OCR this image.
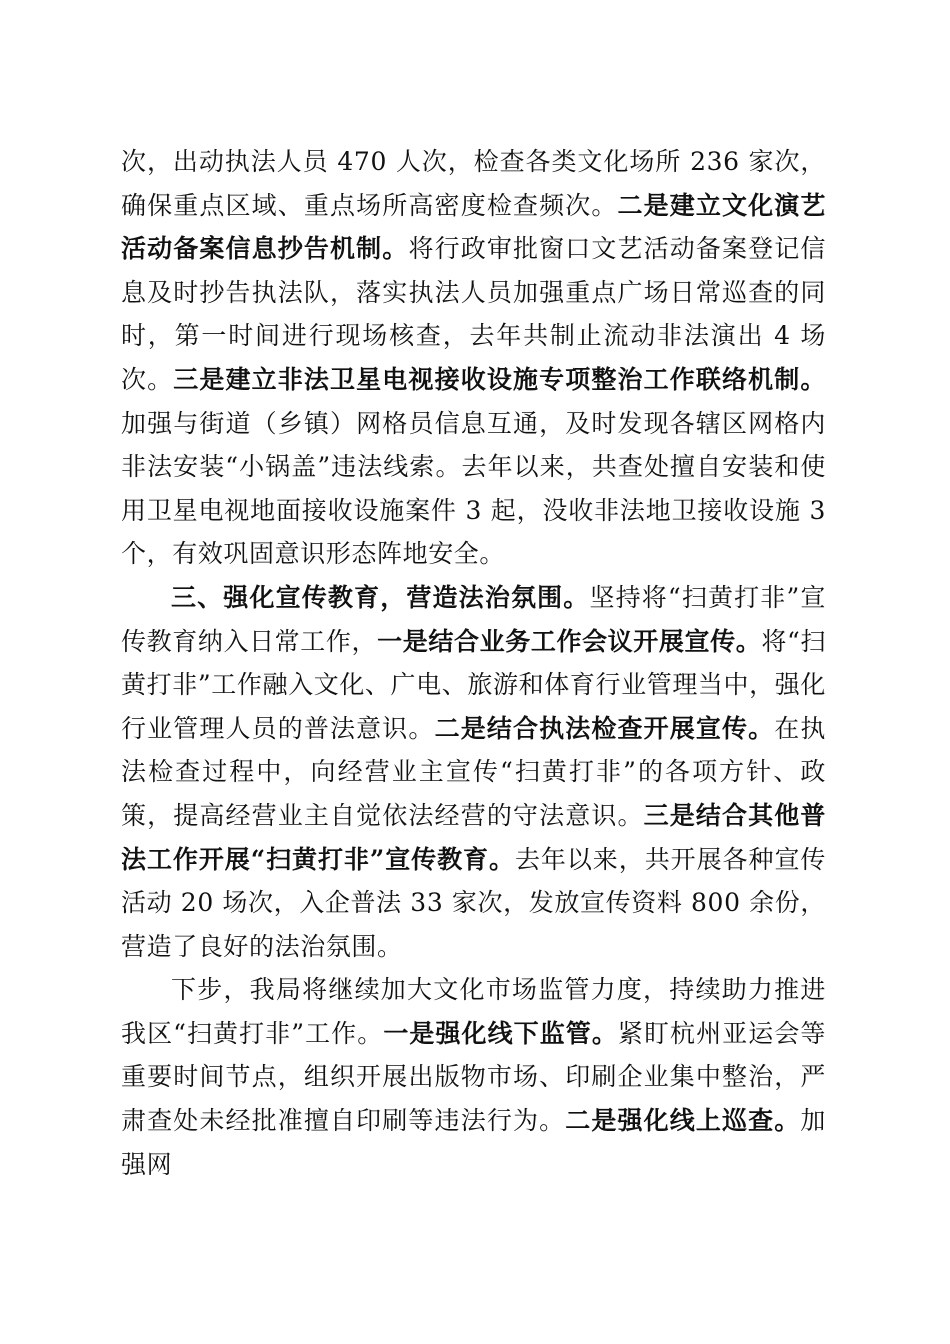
次，出动执法人员 470 人次，检查各类文化场所 236 家次，确保重点区域、重点场所高密度检查频次。二是建立文化演艺活动备案信息抄告机制。将行政审批窗口文艺活动备案登记信息及时抄告执法队，落实执法人员加强重点广场日常巡查的同时，第一时间进行现场核查，去年共制止流动非法演出 4 场次。三是建立非法卫星电视接收设施专项整治工作联络机制。加强与街道（乡镇）网格员信息互通，及时发现各辖区网格内非法安装“小锅盖”违法线索。去年以来，共查处擅自安装和使用卫星电视地面接收设施案件 3 起，没收非法地卫接收设施 3 个，有效巩固意识形态阵地安全。

三、强化宣传教育，营造法治氛围。坚持将“扫黄打非”宣传教育纳入日常工作，一是结合业务工作会议开展宣传。将“扫黄打非”工作融入文化、广电、旅游和体育行业管理当中，强化行业管理人员的普法意识。二是结合执法检查开展宣传。在执法检查过程中，向经营业主宣传“扫黄打非”的各项方针、政策，提高经营业主自觉依法经营的守法意识。三是结合其他普法工作开展“扫黄打非”宣传教育。去年以来，共开展各种宣传活动 20 场次，入企普法 33 家次，发放宣传资料 800 余份，营造了良好的法治氛围。

下步，我局将继续加大文化市场监管力度，持续助力推进我区“扫黄打非”工作。一是强化线下监管。紧盯杭州亚运会等重要时间节点，组织开展出版物市场、印刷企业集中整治，严肃查处未经批准擅自印刷等违法行为。二是强化线上巡查。加强网
